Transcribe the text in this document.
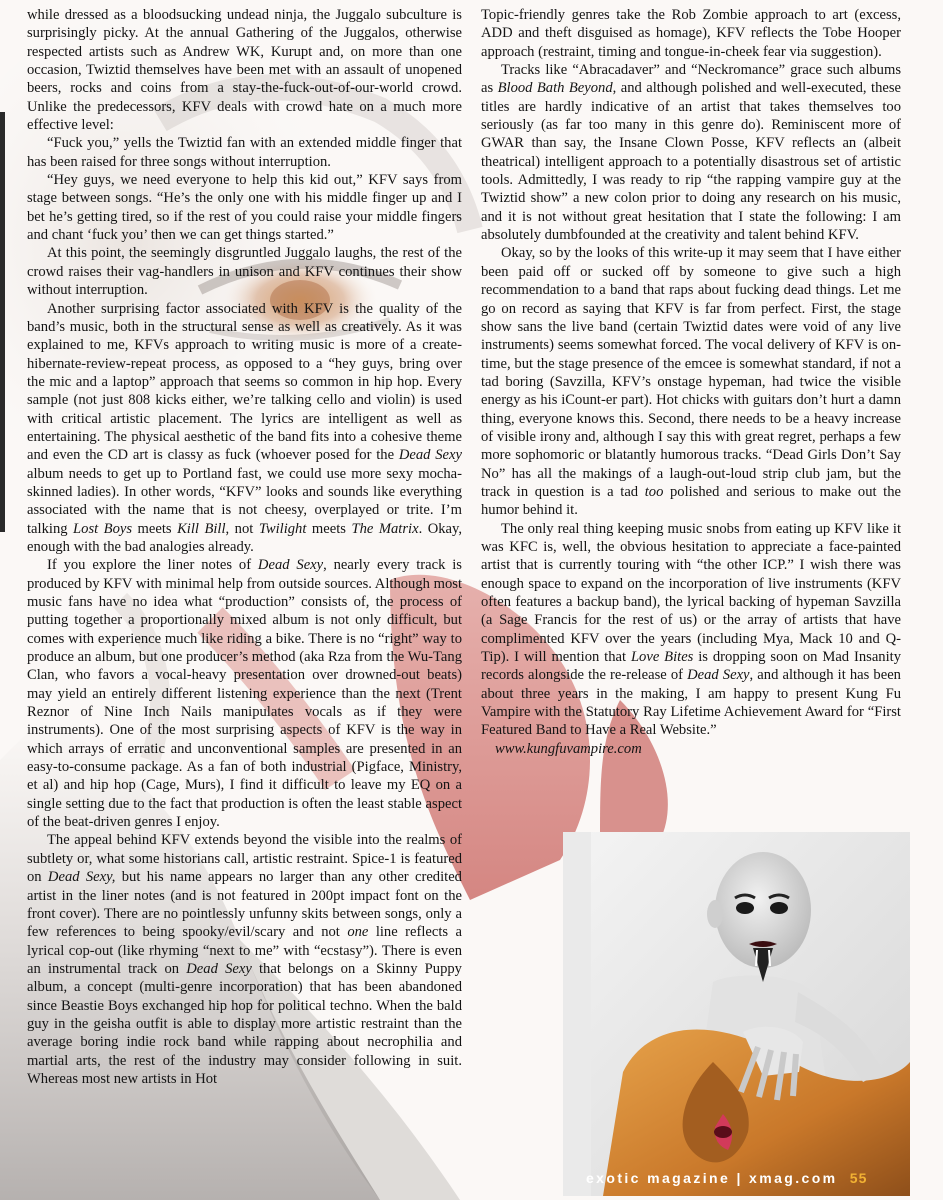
while dressed as a bloodsucking undead ninja, the Juggalo subculture is surprisingly picky. At the annual Gathering of the Juggalos, otherwise respected artists such as Andrew WK, Kurupt and, on more than one occasion, Twiztid themselves have been met with an assault of unopened beers, rocks and coins from a stay-the-fuck-out-of-our-world crowd. Unlike the predecessors, KFV deals with crowd hate on a much more effective level:

“Fuck you,” yells the Twiztid fan with an extended middle finger that has been raised for three songs without interruption.

“Hey guys, we need everyone to help this kid out,” KFV says from stage between songs. “He’s the only one with his middle finger up and I bet he’s getting tired, so if the rest of you could raise your middle fingers and chant ‘fuck you’ then we can get things started.”

At this point, the seemingly disgruntled Juggalo laughs, the rest of the crowd raises their vag-handlers in unison and KFV continues their show without interruption.

Another surprising factor associated with KFV is the quality of the band’s music, both in the structural sense as well as creatively. As it was explained to me, KFVs approach to writing music is more of a create-hibernate-review-repeat process, as opposed to a “hey guys, bring over the mic and a laptop” approach that seems so common in hip hop. Every sample (not just 808 kicks either, we’re talking cello and violin) is used with critical artistic placement. The lyrics are intelligent as well as entertaining. The physical aesthetic of the band fits into a cohesive theme and even the CD art is classy as fuck (whoever posed for the Dead Sexy album needs to get up to Portland fast, we could use more sexy mocha-skinned ladies). In other words, “KFV” looks and sounds like everything associated with the name that is not cheesy, overplayed or trite. I’m talking Lost Boys meets Kill Bill, not Twilight meets The Matrix. Okay, enough with the bad analogies already.

If you explore the liner notes of Dead Sexy, nearly every track is produced by KFV with minimal help from outside sources. Although most music fans have no idea what “production” consists of, the process of putting together a proportionally mixed album is not only difficult, but comes with experience much like riding a bike. There is no “right” way to produce an album, but one producer’s method (aka Rza from the Wu-Tang Clan, who favors a vocal-heavy presentation over drowned-out beats) may yield an entirely different listening experience than the next (Trent Reznor of Nine Inch Nails manipulates vocals as if they were instruments). One of the most surprising aspects of KFV is the way in which arrays of erratic and unconventional samples are presented in an easy-to-consume package. As a fan of both industrial (Pigface, Ministry, et al) and hip hop (Cage, Murs), I find it difficult to leave my EQ on a single setting due to the fact that production is often the least stable aspect of the beat-driven genres I enjoy.

The appeal behind KFV extends beyond the visible into the realms of subtlety or, what some historians call, artistic restraint. Spice-1 is featured on Dead Sexy, but his name appears no larger than any other credited artist in the liner notes (and is not featured in 200pt impact font on the front cover). There are no pointlessly unfunny skits between songs, only a few references to being spooky/evil/scary and not one line reflects a lyrical cop-out (like rhyming “next to me” with “ecstasy”). There is even an instrumental track on Dead Sexy that belongs on a Skinny Puppy album, a concept (multi-genre incorporation) that has been abandoned since Beastie Boys exchanged hip hop for political techno. When the bald guy in the geisha outfit is able to display more artistic restraint than the average boring indie rock band while rapping about necrophilia and martial arts, the rest of the industry may consider following in suit. Whereas most new artists in Hot

Topic-friendly genres take the Rob Zombie approach to art (excess, ADD and theft disguised as homage), KFV reflects the Tobe Hooper approach (restraint, timing and tongue-in-cheek fear via suggestion).

Tracks like “Abracadaver” and “Neckromance” grace such albums as Blood Bath Beyond, and although polished and well-executed, these titles are hardly indicative of an artist that takes themselves too seriously (as far too many in this genre do). Reminiscent more of GWAR than say, the Insane Clown Posse, KFV reflects an (albeit theatrical) intelligent approach to a potentially disastrous set of artistic tools. Admittedly, I was ready to rip “the rapping vampire guy at the Twiztid show” a new colon prior to doing any research on his music, and it is not without great hesitation that I state the following: I am absolutely dumbfounded at the creativity and talent behind KFV.

Okay, so by the looks of this write-up it may seem that I have either been paid off or sucked off by someone to give such a high recommendation to a band that raps about fucking dead things. Let me go on record as saying that KFV is far from perfect. First, the stage show sans the live band (certain Twiztid dates were void of any live instruments) seems somewhat forced. The vocal delivery of KFV is on-time, but the stage presence of the emcee is somewhat standard, if not a tad boring (Savzilla, KFV’s onstage hypeman, had twice the visible energy as his iCount-er part). Hot chicks with guitars don’t hurt a damn thing, everyone knows this. Second, there needs to be a heavy increase of visible irony and, although I say this with great regret, perhaps a few more sophomoric or blatantly humorous tracks. “Dead Girls Don’t Say No” has all the makings of a laugh-out-loud strip club jam, but the track in question is a tad too polished and serious to make out the humor behind it.

The only real thing keeping music snobs from eating up KFV like it was KFC is, well, the obvious hesitation to appreciate a face-painted artist that is currently touring with “the other ICP.” I wish there was enough space to expand on the incorporation of live instruments (KFV often features a backup band), the lyrical backing of hypeman Savzilla (a Sage Francis for the rest of us) or the array of artists that have complimented KFV over the years (including Mya, Mack 10 and Q-Tip). I will mention that Love Bites is dropping soon on Mad Insanity records alongside the re-release of Dead Sexy, and although it has been about three years in the making, I am happy to present Kung Fu Vampire with the Statutory Ray Lifetime Achievement Award for “First Featured Band to Have a Real Website.”

www.kungfuvampire.com

exotic magazine | xmag.com 55
